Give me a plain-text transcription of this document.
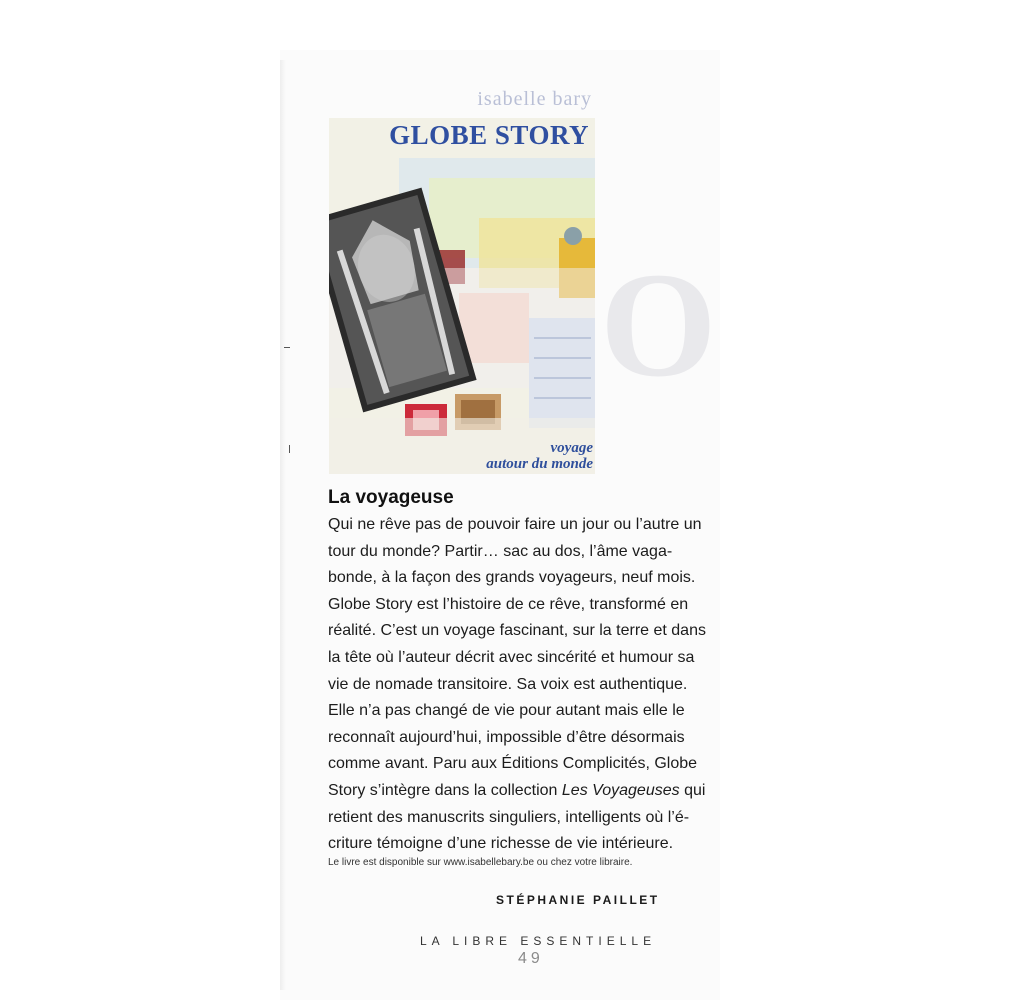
O
isabelle bary
GLOBE STORY
voyage
autour du monde
La voyageuse

Qui ne rêve pas de pouvoir faire un jour ou l’autre un

tour du monde? Partir… sac au dos, l’âme vaga-

bonde, à la façon des grands voyageurs, neuf mois.

Globe Story est l’histoire de ce rêve, transformé en

réalité. C’est un voyage fascinant, sur la terre et dans

la tête où l’auteur décrit avec sincérité et humour sa

vie de nomade transitoire. Sa voix est authentique.

Elle n’a pas changé de vie pour autant mais elle le

reconnaît aujourd’hui, impossible d’être désormais

comme avant. Paru aux Éditions Complicités, Globe

Story s’intègre dans la collection Les Voyageuses qui

retient des manuscrits singuliers, intelligents où l’é-

criture témoigne d’une richesse de vie intérieure.

Le livre est disponible sur www.isabellebary.be ou chez votre libraire.
STÉPHANIE PAILLET
LA LIBRE ESSENTIELLE
49
